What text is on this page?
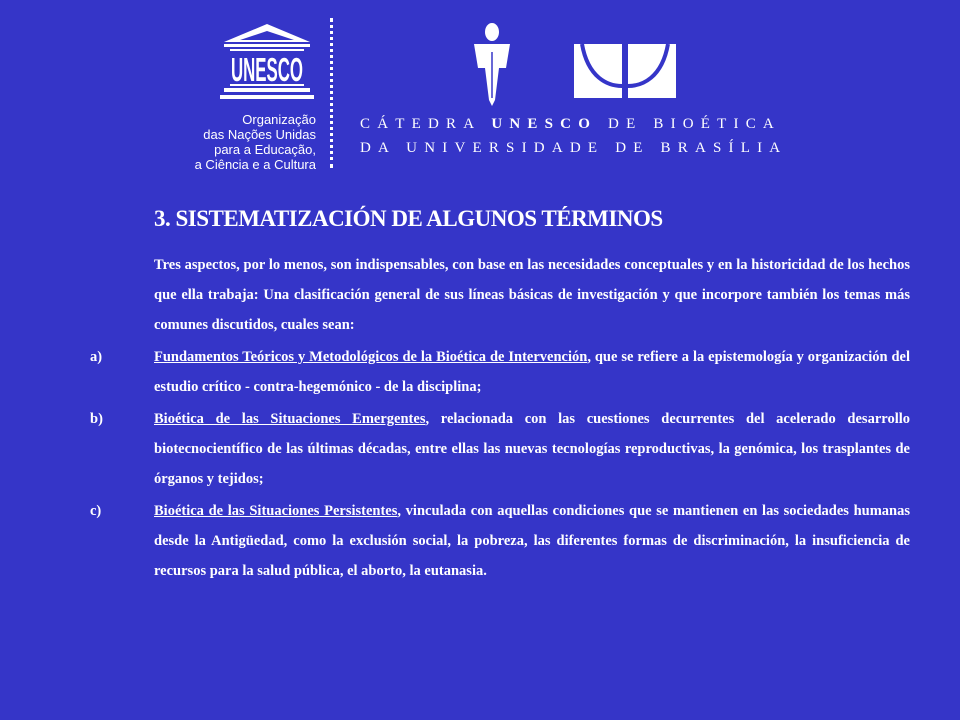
UNESCO
Organização
das Nações Unidas
para a Educação,
a Ciência e a Cultura
CÁTEDRA UNESCO DE BIOÉTICA
DA UNIVERSIDADE DE BRASÍLIA
3. SISTEMATIZACIÓN DE ALGUNOS TÉRMINOS
Tres aspectos, por lo menos, son indispensables, con base en las necesidades conceptuales y en la historicidad de los hechos que ella trabaja: Una clasificación general de sus líneas básicas de investigación y que incorpore también los temas más comunes discutidos, cuales sean:
a)	Fundamentos Teóricos y Metodológicos de la Bioética de Intervención, que se refiere a la epistemología y organización del estudio crítico - contra-hegemónico - de la disciplina;
b)	Bioética de las Situaciones Emergentes, relacionada con las cuestiones decurrentes del acelerado desarrollo biotecnocientífico de las últimas décadas, entre ellas las nuevas tecnologías reproductivas, la genómica, los trasplantes de órganos y tejidos;
c)	Bioética de las Situaciones Persistentes, vinculada con aquellas condiciones que se mantienen en las sociedades humanas desde la Antigüedad, como la exclusión social, la pobreza, las diferentes formas de discriminación, la insuficiencia de recursos para la salud pública, el aborto, la eutanasia.
